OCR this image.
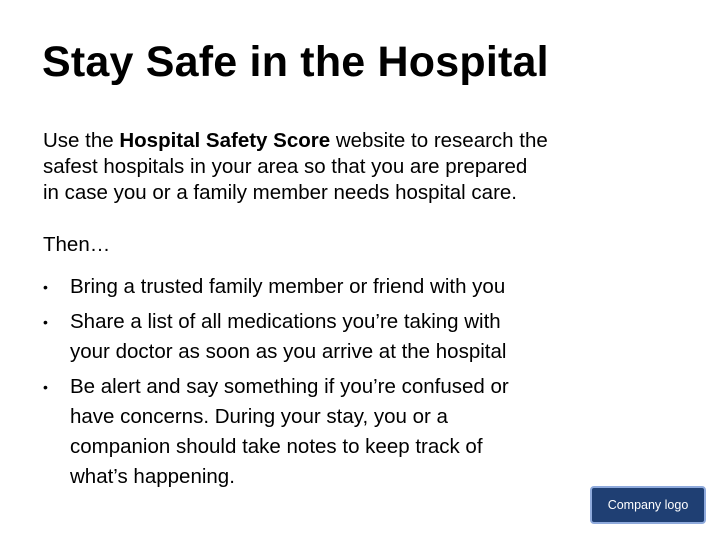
Stay Safe in the Hospital
Use the Hospital Safety Score website to research the
safest hospitals in your area so that you are prepared
in case you or a family member needs hospital care.
Then…
• Bring a trusted family member or friend with you
• Share a list of all medications you’re taking with
your doctor as soon as you arrive at the hospital
• Be alert and say something if you’re confused or
have concerns. During your stay, you or a
companion should take notes to keep track of
what’s happening.
Company logo
